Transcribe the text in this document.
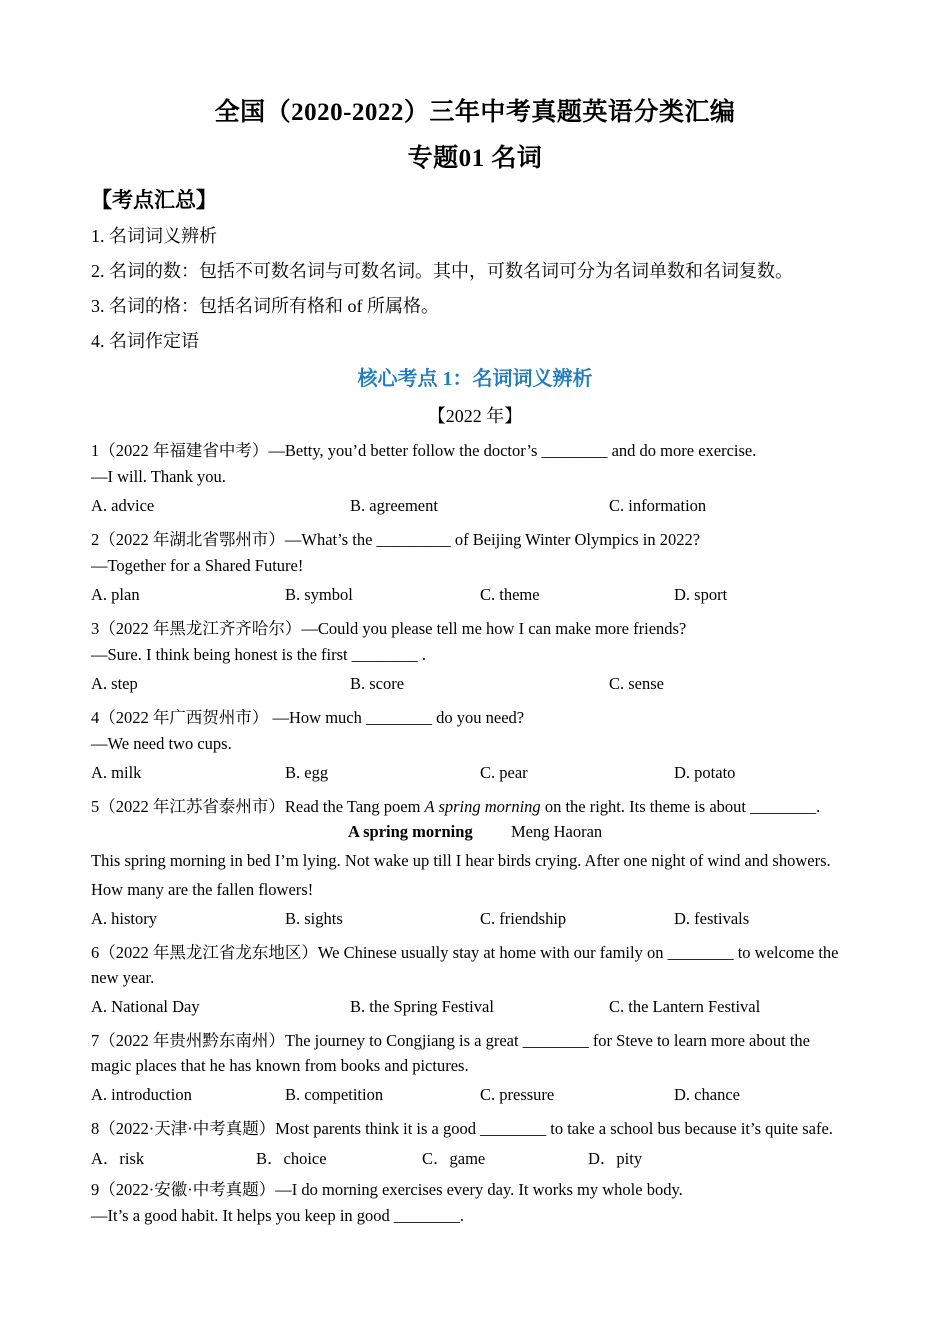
全国（2020-2022）三年中考真题英语分类汇编
专题01 名词
【考点汇总】
1. 名词词义辨析
2. 名词的数：包括不可数名词与可数名词。其中，可数名词可分为名词单数和名词复数。
3. 名词的格：包括名词所有格和 of 所属格。
4. 名词作定语
核心考点 1：名词词义辨析
【2022 年】
1（2022 年福建省中考）—Betty, you’d better follow the doctor’s ________ and do more exercise.
—I will. Thank you.
A. advice	B. agreement	C. information
2（2022 年湖北省鄂州市）—What’s the _________ of Beijing Winter Olympics in 2022?
—Together for a Shared Future!
A. plan	B. symbol	C. theme	D. sport
3（2022 年黑龙江齐齐哈尔）—Could you please tell me how I can make more friends?
—Sure. I think being honest is the first ________ .
A. step	B. score	C. sense
4（2022 年广西贺州市） —How much ________ do you need?
—We need two cups.
A. milk	B. egg	C. pear	D. potato
5（2022 年江苏省泰州市）Read the Tang poem A spring morning on the right. Its theme is about ________.
A spring morning Meng Haoran
This spring morning in bed I’m lying. Not wake up till I hear birds crying. After one night of wind and showers.
How many are the fallen flowers!
A. history	B. sights	C. friendship	D. festivals
6（2022 年黑龙江省龙东地区）We Chinese usually stay at home with our family on ________ to welcome the
new year.
A. National Day	B. the Spring Festival	C. the Lantern Festival
7（2022 年贵州黔东南州）The journey to Congjiang is a great ________ for Steve to learn more about the
magic places that he has known from books and pictures.
A. introduction	B. competition	C. pressure	D. chance
8（2022·天津·中考真题）Most parents think it is a good ________ to take a school bus because it’s quite safe.
A．risk	B．choice	C．game	D．pity
9（2022·安徽·中考真题）—I do morning exercises every day. It works my whole body.
—It’s a good habit. It helps you keep in good ________.
